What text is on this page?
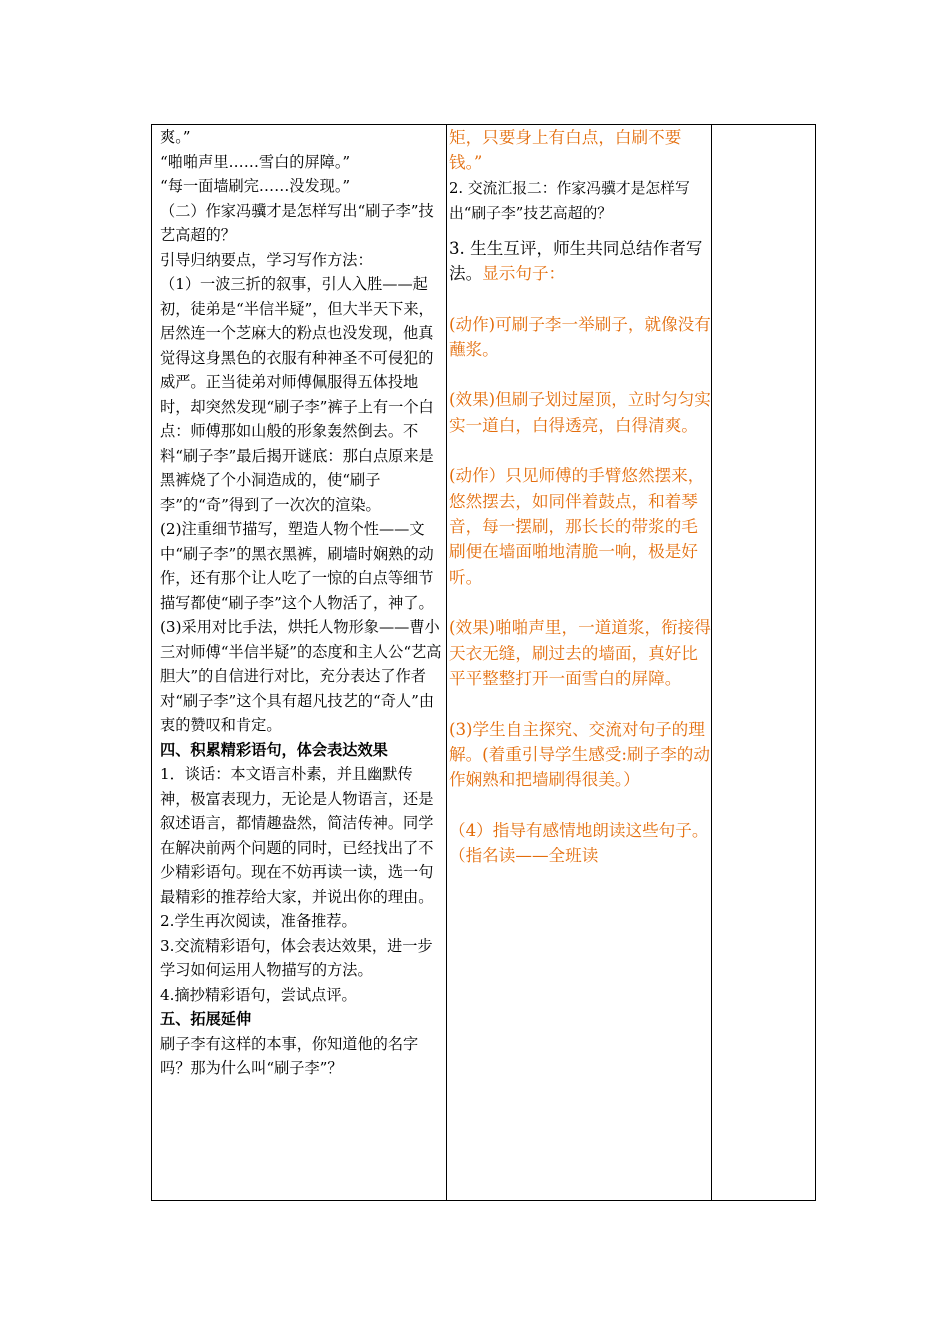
爽。”

“啪啪声里……雪白的屏障。”

“每一面墙刷完……没发现。”

（二）作家冯骥才是怎样写出“刷子李”技艺高超的？

引导归纳要点，学习写作方法：

（1）一波三折的叙事，引人入胜——起初，徒弟是“半信半疑”，但大半天下来，居然连一个芝麻大的粉点也没发现，他真觉得这身黑色的衣服有种神圣不可侵犯的威严。正当徒弟对师傅佩服得五体投地时，却突然发现“刷子李”裤子上有一个白点：师傅那如山般的形象轰然倒去。不料“刷子李”最后揭开谜底：那白点原来是黑裤烧了个小洞造成的，使“刷子李”的“奇”得到了一次次的渲染。

(2)注重细节描写，塑造人物个性——文中“刷子李”的黑衣黑裤，刷墙时娴熟的动作，还有那个让人吃了一惊的白点等细节描写都使“刷子李”这个人物活了，神了。

(3)采用对比手法，烘托人物形象——曹小三对师傅“半信半疑”的态度和主人公“艺高胆大”的自信进行对比，充分表达了作者对“刷子李”这个具有超凡技艺的“奇人”由衷的赞叹和肯定。

四、积累精彩语句，体会表达效果

1．谈话：本文语言朴素，并且幽默传神，极富表现力，无论是人物语言，还是叙述语言，都情趣盎然，简洁传神。同学在解决前两个问题的同时，已经找出了不少精彩语句。现在不妨再读一读，选一句最精彩的推荐给大家，并说出你的理由。

2.学生再次阅读，准备推荐。

3.交流精彩语句，体会表达效果，进一步学习如何运用人物描写的方法。

4.摘抄精彩语句，尝试点评。

五、拓展延伸

刷子李有这样的本事，你知道他的名字吗？那为什么叫“刷子李”？

矩，只要身上有白点，白刷不要钱。”

2. 交流汇报二：作家冯骥才是怎样写出“刷子李”技艺高超的？

3. 生生互评，师生共同总结作者写法。显示句子：

(动作)可刷子李一举刷子，就像没有蘸浆。

(效果)但刷子划过屋顶，立时匀匀实实一道白，白得透亮，白得清爽。

(动作）只见师傅的手臂悠然摆来，悠然摆去，如同伴着鼓点，和着琴音，每一摆刷，那长长的带浆的毛刷便在墙面啪地清脆一响，极是好听。

(效果)啪啪声里，一道道浆，衔接得天衣无缝，刷过去的墙面，真好比平平整整打开一面雪白的屏障。

(3)学生自主探究、交流对句子的理解。(着重引导学生感受:刷子李的动作娴熟和把墙刷得很美。）

（4）指导有感情地朗读这些句子。（指名读——全班读
